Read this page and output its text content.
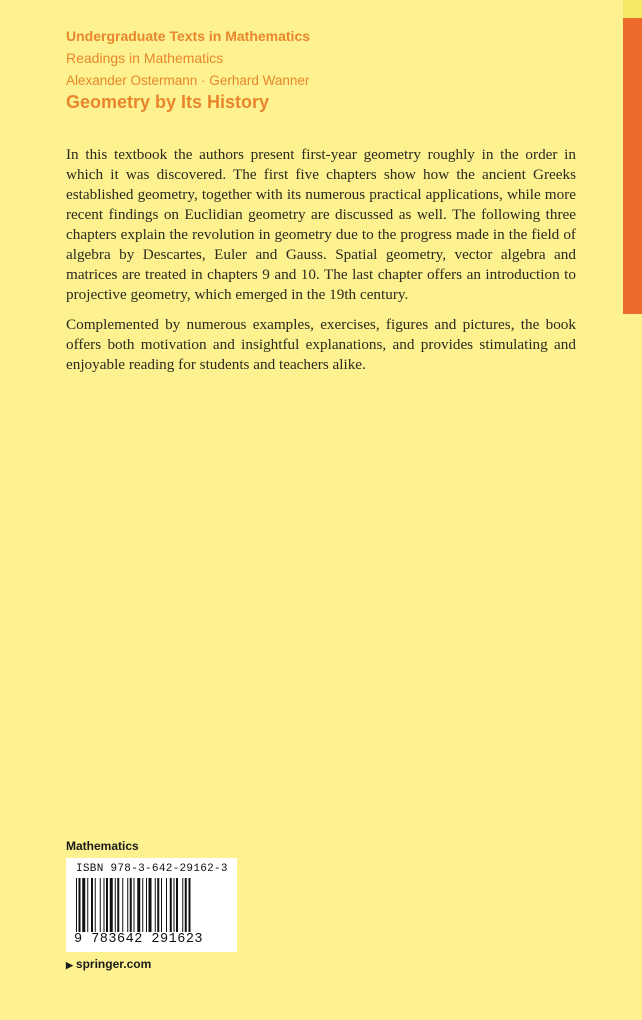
Undergraduate Texts in Mathematics
Readings in Mathematics
Alexander Ostermann · Gerhard Wanner
Geometry by Its History

In this textbook the authors present first-year geometry roughly in the order in which it was discovered. The first five chapters show how the ancient Greeks established geometry, together with its numerous practical applications, while more recent findings on Euclidian geometry are discussed as well. The following three chapters explain the revolution in geometry due to the progress made in the field of algebra by Descartes, Euler and Gauss. Spatial geometry, vector algebra and matrices are treated in chapters 9 and 10. The last chapter offers an introduction to projective geometry, which emerged in the 19th century.

Complemented by numerous examples, exercises, figures and pictures, the book offers both motivation and insightful explanations, and provides stimulating and enjoyable reading for students and teachers alike.

Mathematics
ISBN 978-3-642-29162-3
9 783642 291623
▶ springer.com
